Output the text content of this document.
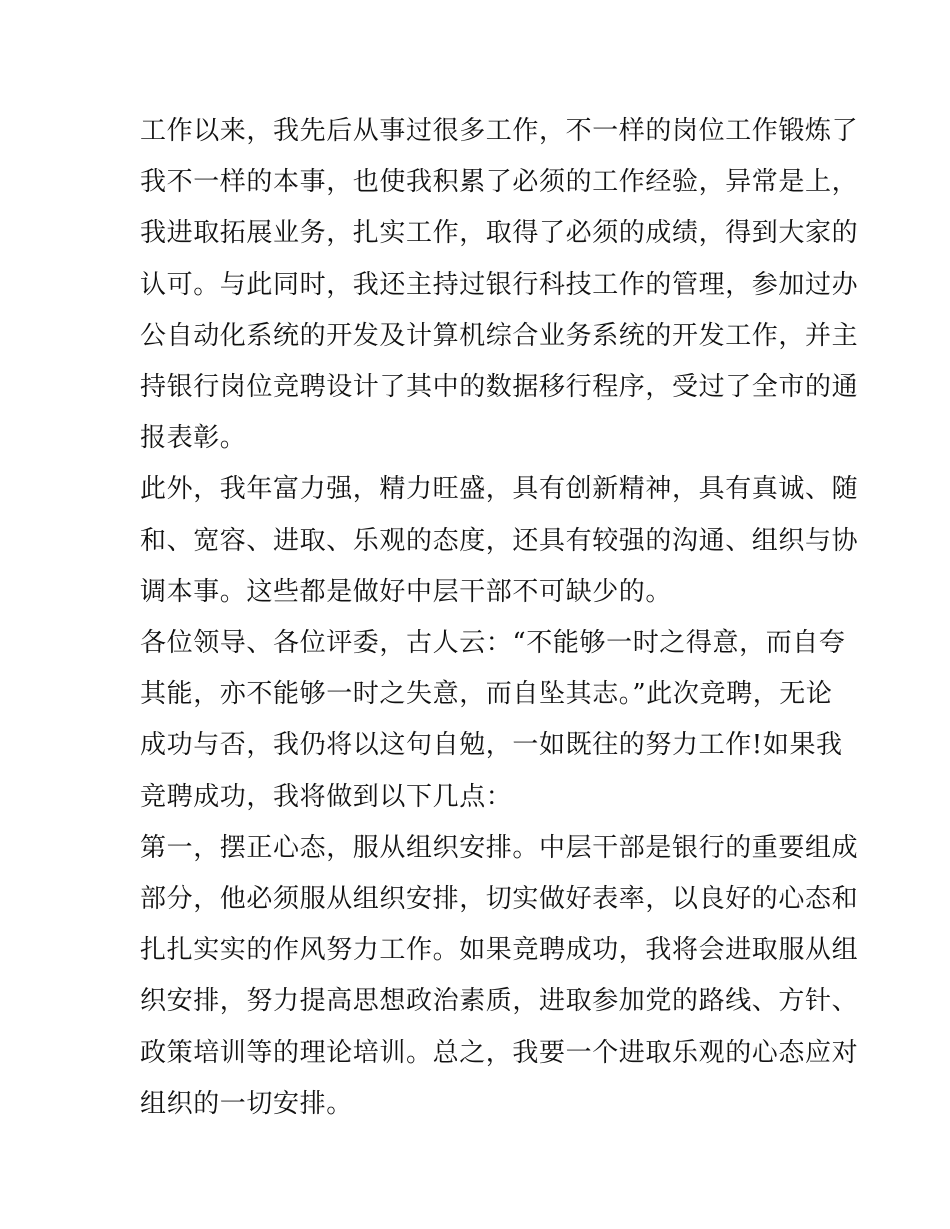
工作以来，我先后从事过很多工作，不一样的岗位工作锻炼了
我不一样的本事，也使我积累了必须的工作经验，异常是上，
我进取拓展业务，扎实工作，取得了必须的成绩，得到大家的
认可。与此同时，我还主持过银行科技工作的管理，参加过办
公自动化系统的开发及计算机综合业务系统的开发工作，并主
持银行岗位竞聘设计了其中的数据移行程序，受过了全市的通
报表彰。

此外，我年富力强，精力旺盛，具有创新精神，具有真诚、随
和、宽容、进取、乐观的态度，还具有较强的沟通、组织与协
调本事。这些都是做好中层干部不可缺少的。

各位领导、各位评委，古人云：“不能够一时之得意，而自夸
其能，亦不能够一时之失意，而自坠其志。”此次竞聘，无论
成功与否，我仍将以这句自勉，一如既往的努力工作!如果我
竞聘成功，我将做到以下几点：

第一，摆正心态，服从组织安排。中层干部是银行的重要组成
部分，他必须服从组织安排，切实做好表率，以良好的心态和
扎扎实实的作风努力工作。如果竞聘成功，我将会进取服从组
织安排，努力提高思想政治素质，进取参加党的路线、方针、
政策培训等的理论培训。总之，我要一个进取乐观的心态应对
组织的一切安排。
